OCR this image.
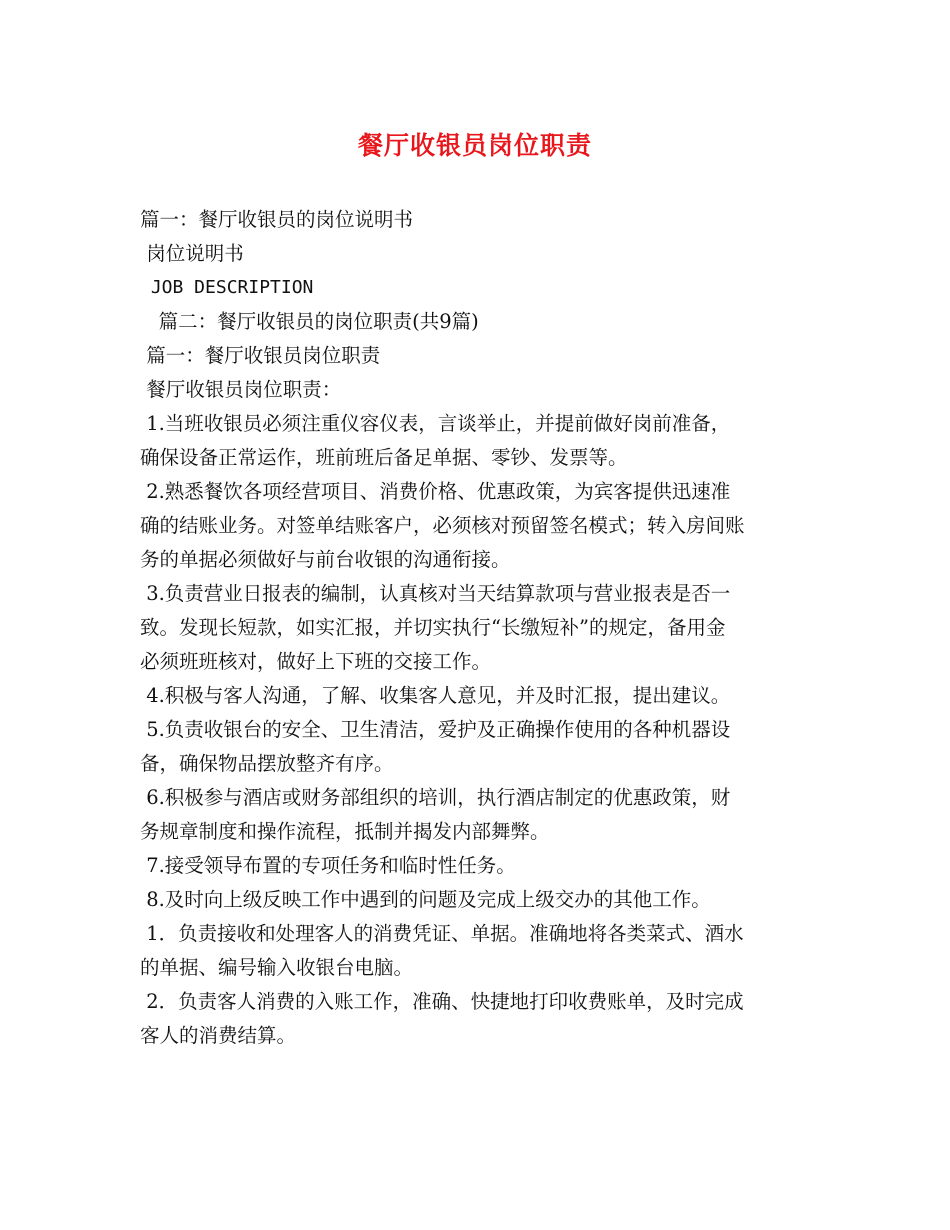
餐厅收银员岗位职责
篇一：餐厅收银员的岗位说明书
岗位说明书
JOB DESCRIPTION
篇二：餐厅收银员的岗位职责(共9篇)
篇一：餐厅收银员岗位职责
餐厅收银员岗位职责：
1.当班收银员必须注重仪容仪表，言谈举止，并提前做好岗前准备，
确保设备正常运作，班前班后备足单据、零钞、发票等。
2.熟悉餐饮各项经营项目、消费价格、优惠政策，为宾客提供迅速准
确的结账业务。对签单结账客户，必须核对预留签名模式；转入房间账
务的单据必须做好与前台收银的沟通衔接。
3.负责营业日报表的编制，认真核对当天结算款项与营业报表是否一
致。发现长短款，如实汇报，并切实执行“长缴短补”的规定，备用金
必须班班核对，做好上下班的交接工作。
4.积极与客人沟通，了解、收集客人意见，并及时汇报，提出建议。
5.负责收银台的安全、卫生清洁，爱护及正确操作使用的各种机器设
备，确保物品摆放整齐有序。
6.积极参与酒店或财务部组织的培训，执行酒店制定的优惠政策，财
务规章制度和操作流程，抵制并揭发内部舞弊。
7.接受领导布置的专项任务和临时性任务。
8.及时向上级反映工作中遇到的问题及完成上级交办的其他工作。
1．负责接收和处理客人的消费凭证、单据。准确地将各类菜式、酒水
的单据、编号输入收银台电脑。
2．负责客人消费的入账工作，准确、快捷地打印收费账单，及时完成
客人的消费结算。
